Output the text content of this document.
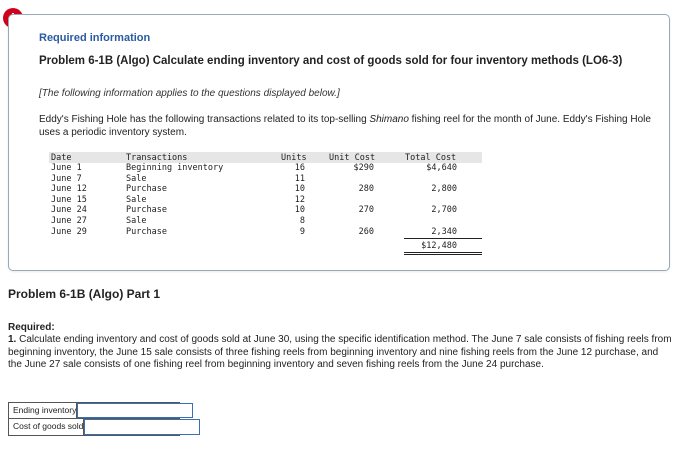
Required information
Problem 6-1B (Algo) Calculate ending inventory and cost of goods sold for four inventory methods (LO6-3)
[The following information applies to the questions displayed below.]
Eddy's Fishing Hole has the following transactions related to its top-selling Shimano fishing reel for the month of June. Eddy's Fishing Hole uses a periodic inventory system.
Date	Transactions	Units	Unit Cost	Total Cost
June 1	Beginning inventory	16	$290	$4,640
June 7	Sale	11
June 12	Purchase	10	280	2,800
June 15	Sale	12
June 24	Purchase	10	270	2,700
June 27	Sale	8
June 29	Purchase	9	260	2,340
$12,480
Problem 6-1B (Algo) Part 1
Required:
1. Calculate ending inventory and cost of goods sold at June 30, using the specific identification method. The June 7 sale consists of fishing reels from beginning inventory, the June 15 sale consists of three fishing reels from beginning inventory and nine fishing reels from the June 12 purchase, and the June 27 sale consists of one fishing reel from beginning inventory and seven fishing reels from the June 24 purchase.
Ending inventory
Cost of goods sold
